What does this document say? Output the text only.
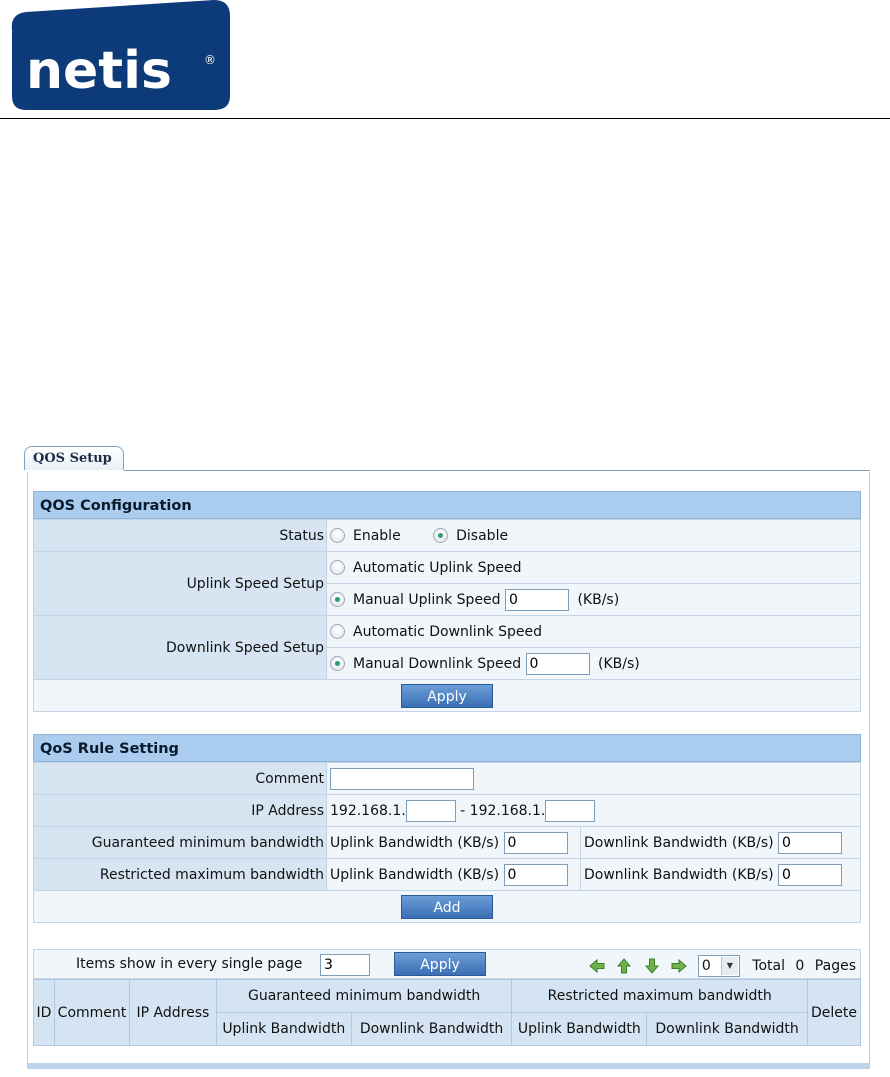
netis	®
QOS Setup
QOS Configuration
Status	Enable Disable
Uplink Speed Setup	Automatic Uplink Speed
	Manual Uplink Speed 0 (KB/s)
Downlink Speed Setup	Automatic Downlink Speed
	Manual Downlink Speed 0 (KB/s)
Apply	
QoS Rule Setting
Comment	
IP Address	192.168.1. - 192.168.1.	
Guaranteed minimum bandwidth	Uplink Bandwidth (KB/s) 0	Downlink Bandwidth (KB/s) 0
Restricted maximum bandwidth	Uplink Bandwidth (KB/s) 0	Downlink Bandwidth (KB/s) 0
Add		
Items show in every single page
3	Apply	0	▼	Total 0 Pages
ID	Comment	IP Address	Guaranteed minimum bandwidth		Restricted maximum bandwidth		Delete
			Uplink Bandwidth	Downlink Bandwidth	Uplink Bandwidth	Downlink Bandwidth	
